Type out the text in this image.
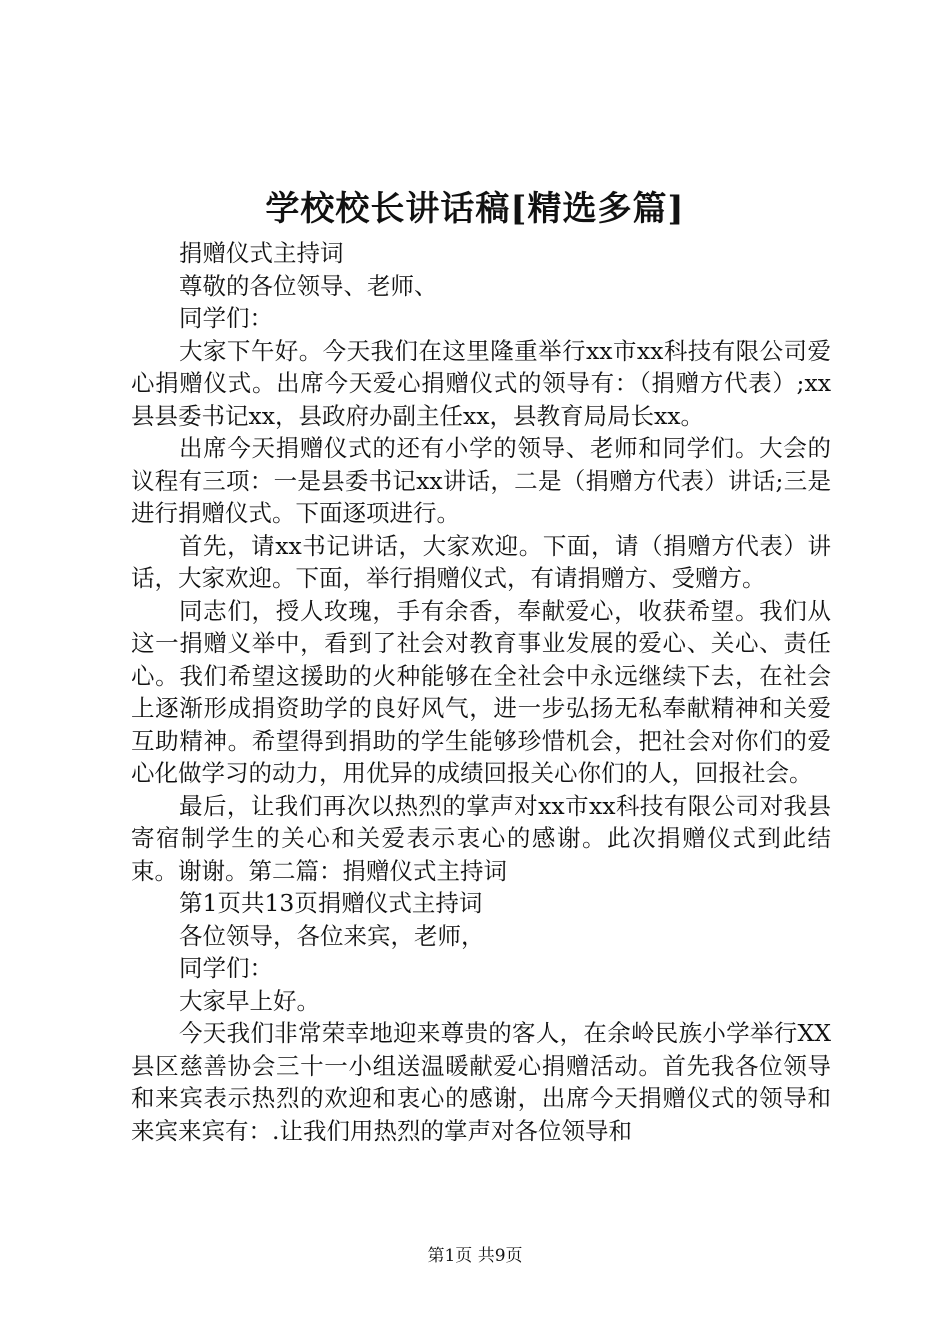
学校校长讲话稿[精选多篇]
捐赠仪式主持词
尊敬的各位领导、老师、
同学们：

大家下午好。今天我们在这里隆重举行xx市xx科技有限公司爱心捐赠仪式。出席今天爱心捐赠仪式的领导有：（捐赠方代表）;xx县县委书记xx，县政府办副主任xx，县教育局局长xx。

出席今天捐赠仪式的还有小学的领导、老师和同学们。大会的议程有三项：一是县委书记xx讲话，二是（捐赠方代表）讲话;三是进行捐赠仪式。下面逐项进行。

首先，请xx书记讲话，大家欢迎。下面，请（捐赠方代表）讲话，大家欢迎。下面，举行捐赠仪式，有请捐赠方、受赠方。

同志们，授人玫瑰，手有余香，奉献爱心，收获希望。我们从这一捐赠义举中，看到了社会对教育事业发展的爱心、关心、责任心。我们希望这援助的火种能够在全社会中永远继续下去，在社会上逐渐形成捐资助学的良好风气，进一步弘扬无私奉献精神和关爱互助精神。希望得到捐助的学生能够珍惜机会，把社会对你们的爱心化做学习的动力，用优异的成绩回报关心你们的人，回报社会。

最后，让我们再次以热烈的掌声对xx市xx科技有限公司对我县寄宿制学生的关心和关爱表示衷心的感谢。此次捐赠仪式到此结束。谢谢。第二篇：捐赠仪式主持词

第1页共13页捐赠仪式主持词
各位领导，各位来宾，老师，
同学们：
大家早上好。

今天我们非常荣幸地迎来尊贵的客人，在余岭民族小学举行XX县区慈善协会三十一小组送温暖献爱心捐赠活动。首先我各位领导和来宾表示热烈的欢迎和衷心的感谢，出席今天捐赠仪式的领导和来宾来宾有：.让我们用热烈的掌声对各位领导和

第1页 共9页
